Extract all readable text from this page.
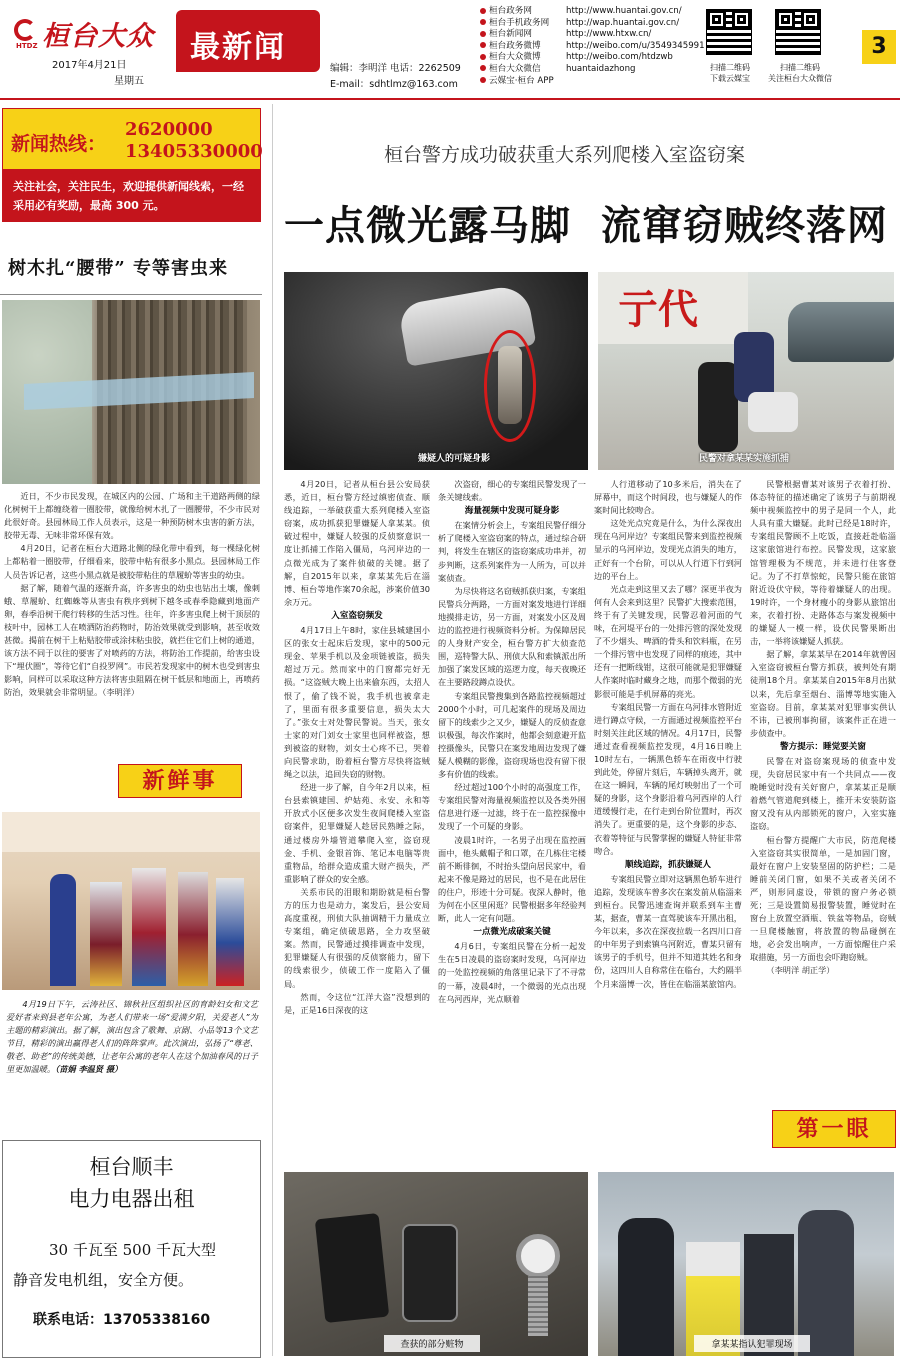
HTDZ 桓台大众
2017年4月21日
星期五
最新闻
编辑：李明洋 电话：2262509
E-mail：sdhtlmz@163.com
桓台政务网
桓台手机政务网
桓台新闻网
桓台政务微博
桓台大众微博
桓台大众微信
云媒宝·桓台 APP
http://www.huantai.gov.cn/
http://wap.huantai.gov.cn/
http://www.htxw.cn/
http://weibo.com/u/3549345991
http://weibo.com/htdzwb
huantaidazhong	扫描二维码
下载云媒宝
扫描二维码
关注桓台大众微信
3
新闻热线：
2620000
13405330000
关注社会，关注民生，欢迎提供新闻线索，一经采用必有奖励，最高 300 元。
树木扎“腰带” 专等害虫来

近日，不少市民发现，在城区内的公园、广场和主干道路两侧的绿化树树干上都缠绕着一圈胶带，就像给树木扎了一圈腰带，不少市民对此很好奇。县园林局工作人员表示，这是一种预防树木虫害的新方法，胶带无毒、无味非常环保有效。

4月20日，记者在桓台大道路北侧的绿化带中看到，每一棵绿化树上都粘着一圈胶带，仔细看来，胶带中粘有很多小黑点。县园林局工作人员告诉记者，这些小黑点就是被胶带粘住的草履蚧等害虫的幼虫。

据了解，随着气温的逐渐升高，许多害虫的幼虫也钻出土壤，像刺蛾、草履蚧、红蜘蛛等从害虫有秩序到树下越冬或春季隐藏到地面产卵，春季沿树干爬行转移的生活习性。往年，许多害虫爬上树干顶层的枝叶中，园林工人在喷洒防治药物时，防治效果就受到影响，甚至收效甚微。揭前在树干上粘贴胶带或涂抹粘虫胶，就拦住它们上树的通道，该方法不同于以往的要害了对喷药的方法，将防治工作提前，给害虫设下“埋伏圈”，等待它们“自投罗网”。市民若发现家中的树木也受到害虫影响，同样可以采取这种方法将害虫阻隔在树干低层和地面上，再喷药防治，效果就会非常明显。（李明洋）

新鲜事
4月19日下午，云涛社区、锦秋社区组织社区的育龄妇女和文艺爱好者来到县老年公寓，为老人们带来一场“爱满夕阳，关爱老人”为主题的精彩演出。据了解，演出包含了歌舞、京剧、小品等13个文艺节目，精彩的演出赢得老人们的阵阵掌声。此次演出，弘扬了“尊老、敬老、助老”的传统美德，让老年公寓的老年人在这个加油春风的日子里更加温暖。（苗娟 李温贤 摄）
桓台顺丰
电力电器出租
30 千瓦至 500 千瓦大型
静音发电机组，安全方便。
联系电话：13705338160
桓台警方成功破获重大系列爬楼入室盗窃案
一点微光露马脚  流窜窃贼终落网
嫌疑人的可疑身影
亍代
民警对拿某某实施抓捕

4月20日，记者从桓台县公安局获悉，近日，桓台警方经过缜密侦查、顺线追踪，一举破获重大系列爬楼入室盗窃案，成功抓获犯罪嫌疑人拿某某。侦破过程中，嫌疑人较强的反侦察意识一度让抓捕工作陷入僵局，乌河岸边的一点微光成为了案件侦破的关键。据了解，自2015年以来，拿某某先后在淄博、桓台等地作案70余起，涉案价值30余万元。

入室盗窃频发

4月17日上午8时，家住县城建国小区的张女士起床后发现，家中的500元现金、苹果手机以及金项链被盗，损失超过万元。然而家中的门窗都完好无损。“这盗贼大晚上出来偷东西，太招人恨了，偷了钱不说，我手机也被拿走了，里面有很多重要信息，损失太大了。”张女士对处警民警说。当天，张女士家的对门刘女士家里也同样被盗，想到被盗的财物，刘女士心疼不已，哭着向民警求助，盼着桓台警方尽快将盗贼绳之以法，追回失窃的财物。

经进一步了解，自今年2月以来，桓台县索镇建国、炉姑苑、永安、永和等开放式小区便多次发生夜间爬楼入室盗窃案件，犯罪嫌疑人趁居民熟睡之际，通过楼房外墙管道攀爬入室，盗窃现金、手机、金银首饰、笔记本电脑等贵重物品，给群众造成重大财产损失，严重影响了群众的安全感。

关系市民的泪眼和期盼就是桓台警方的压力也是动力，案发后，县公安局高度重视，刑侦大队抽调精干力量成立专案组，确定侦破思路，全力攻坚破案。然而，民警通过摸排调查中发现，犯罪嫌疑人有很强的反侦察能力，留下的线索很少，侦破工作一度陷入了僵局。

然而，令这位“江洋大盗”没想到的是，正是16日深夜的这

次盗窃，细心的专案组民警发现了一条关键线索。

海量视频中发现可疑身影

在案情分析会上，专案组民警仔细分析了爬楼入室盗窃案的特点，通过综合研判，将发生在辖区的盗窃案成功串并，初步判断，这系列案件为一人所为，可以并案侦查。

为尽快将这名窃贼抓获归案，专案组民警兵分两路，一方面对案发地进行详细地摸排走访，另一方面，对案发小区及周边的监控进行视频资料分析。为保障居民的人身财产安全，桓台警方扩大侦查范围，巡特警大队、刑侦大队和索镇派出所加强了案发区域的巡逻力度，每天夜晚还在主要路段蹲点设伏。

专案组民警搜集到各路监控视频超过2000个小时，可几起案件的现场及周边留下的线索少之又少，嫌疑人的反侦查意识极强，每次作案时，他都会刻意避开监控摄像头，民警只在案发地周边发现了嫌疑人模糊的影像，盗窃现场也没有留下很多有价值的线索。

经过超过100个小时的高强度工作，专案组民警对海量视频监控以及各类外围信息进行逐一过滤，终于在一监控探像中发现了一个可疑的身影。

凌晨1时许，一名男子出现在监控画面中，他头戴帽子和口罩，在几栋住宅楼前不断徘徊，不时抬头望向居民家中，看起来不像是路过的居民，也不是在此居住的住户，形迹十分可疑。夜深人静时，他为何在小区里闲逛？民警根据多年经验判断，此人一定有问题。

一点微光成破案关键

4月6日，专案组民警在分析一起发生在5日凌晨的盗窃案时发现，乌河岸边的一处监控视频的角落里记录下了不寻常的一幕，凌晨4时，一个微弱的光点出现在乌河西岸，光点顺着

人行道移动了10多米后，消失在了屏幕中，而这个时间段，也与嫌疑人的作案时间比较吻合。

这处光点究竟是什么，为什么深夜出现在乌河岸边？专案组民警来到监控视频显示的乌河岸边，发现光点消失的地方，正好有一个台阶，可以从人行道下行到河边的平台上。

光点走到这里又去了哪？深更半夜为何有人会来到这里？民警扩大搜索范围，终于有了关键发现，民警忍着河面的气味，在河堤平台的一处排污管的深处发现了不少烟头、啤酒的骨头和饮料瓶，在另一个排污管中也发现了同样的痕迹，其中还有一把断线钳，这很可能就是犯罪嫌疑人作案时临时藏身之地，而那个微弱的光影很可能是手机屏幕的亮光。

专案组民警一方面在乌河排水管附近进行蹲点守候，一方面通过视频监控平台时刻关注此区域的情况。4月17日，民警通过查看视频监控发现，4月16日晚上10时左右，一辆黑色轿车在雨夜中行驶到此处，停留片刻后，车辆掉头离开，就在这一瞬间，车辆的尾灯映射出了一个可疑的身影，这个身影沿着乌河西岸的人行道缓慢行走，在行走到台阶位置时，再次消失了。更重要的是，这个身影的步态、衣着等特征与民警掌握的嫌疑人特征非常吻合。

顺线追踪，抓获嫌疑人

专案组民警立即对这辆黑色轿车进行追踪，发现该车曾多次在案发前从临淄来到桓台。民警迅速查询并联系到车主曹某，据查，曹某一直驾驶该车开黑出租，今年以来，多次在深夜拉载一名四川口音的中年男子到索镇乌河附近，曹某只留有该男子的手机号，但并不知道其姓名和身份，这四川人自称常住在临台，大约隔半个月来淄博一次，皆住在临淄某旅馆内。

民警根据曹某对该男子衣着打扮、体态特征的描述确定了该男子与前期视频中视频监控中的男子是同一个人，此人具有重大嫌疑。此时已经是18时许，专案组民警顾不上吃饭，直接赶赴临淄这家旅馆进行布控。民警发现，这家旅馆管理极为不规范，并未进行住客登记。为了不打草惊蛇，民警只能在旅馆附近设伏守候，等待着嫌疑人的出现。19时许，一个身材瘦小的身影从旅馆出来，衣着打扮、走路体态与案发视频中的嫌疑人一模一样，设伏民警果断出击，一举将该嫌疑人抓获。

据了解，拿某某早在2014年就曾因入室盗窃被桓台警方抓获，被判处有期徒刑18个月。拿某某自2015年8月出狱以来，先后拿至烟台、淄博等地实施入室盗窃。目前，拿某某对犯罪事实供认不讳，已被刑事拘留，该案件正在进一步侦查中。

警方提示：睡觉要关窗

民警在对盗窃案现场的侦查中发现，失窃居民家中有一个共同点——夜晚睡觉时没有关好窗户，拿某某正是顺着燃气管道爬到楼上，推开未安装防盗窗又没有从内部锁死的窗户，入室实施盗窃。

桓台警方提醒广大市民，防范爬楼入室盗窃其实很简单，一是加固门窗，最好在窗户上安装坚固的防护栏；二是睡前关闭门窗，如果不关或者关闭不严，则形同虚设，带锁的窗户务必锁死；三是设置简易报警装置，睡觉时在窗台上放置空酒瓶、铁盆等物品，窃贼一旦爬楼触窗，将放置的物品碰倒在地，必会发出响声，一方面惊醒住户采取措施，另一方面也会吓跑窃贼。

（李明洋 胡正学）

第一眼
查获的部分赃物	拿某某指认犯罪现场
